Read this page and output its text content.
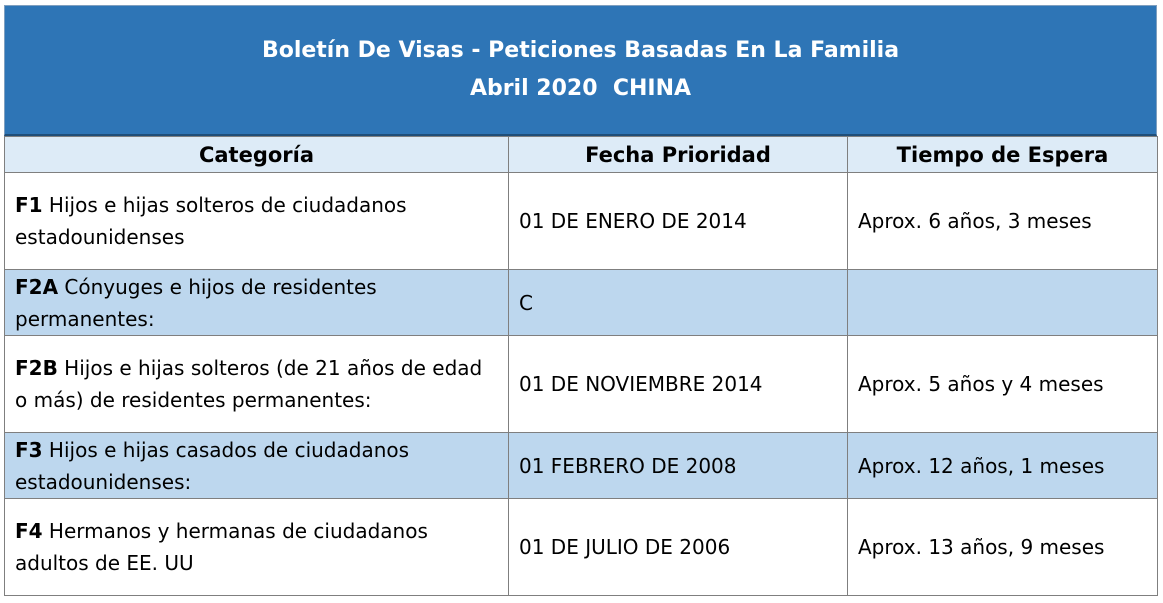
Boletín De Visas - Peticiones Basadas En La Familia
Abril 2020  CHINA
Categoría	Fecha Prioridad	Tiempo de Espera
F1 Hijos e hijas solteros de ciudadanos estadounidenses	01 DE ENERO DE 2014	Aprox. 6 años, 3 meses
F2A Cónyuges e hijos de residentes permanentes:	C	
F2B Hijos e hijas solteros (de 21 años de edad o más) de residentes permanentes:	01 DE NOVIEMBRE 2014	Aprox. 5 años y 4 meses
F3 Hijos e hijas casados de ciudadanos estadounidenses:	01 FEBRERO DE 2008	Aprox. 12 años, 1 meses
F4 Hermanos y hermanas de ciudadanos adultos de EE. UU	01 DE JULIO DE 2006	Aprox. 13 años, 9 meses
